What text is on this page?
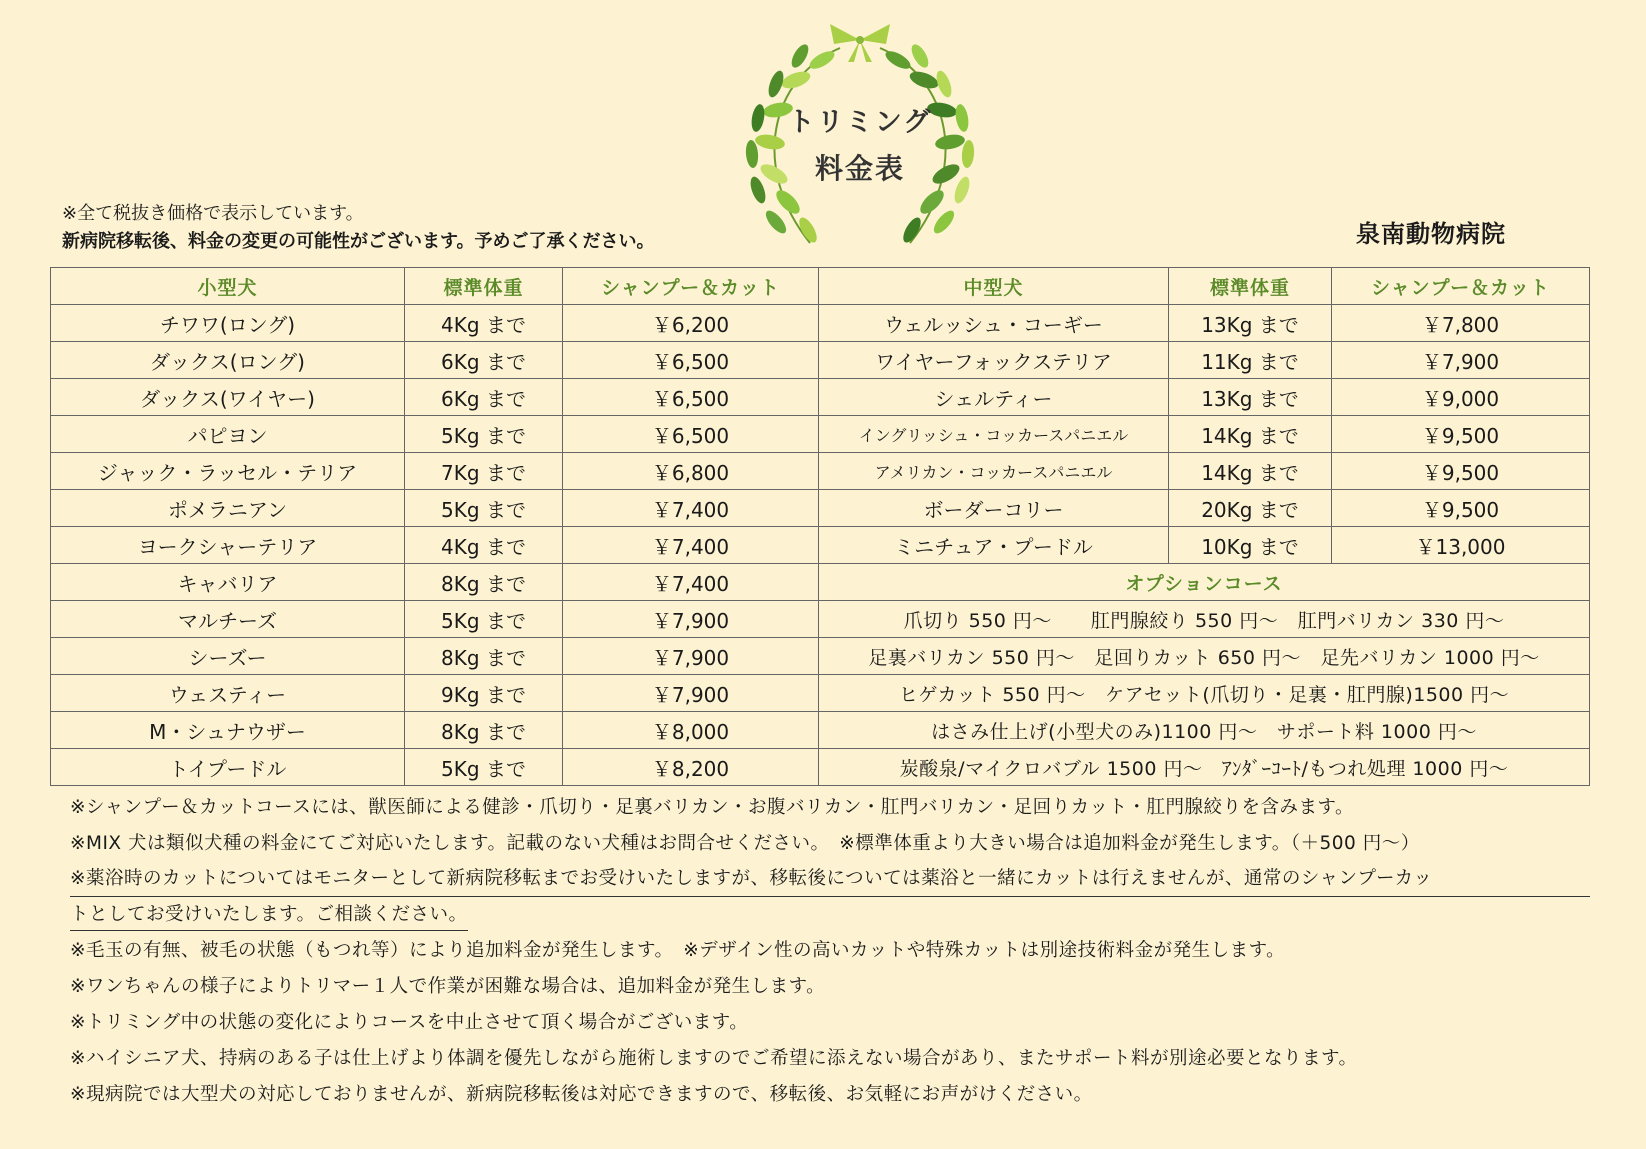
トリミング
料金表
※全て税抜き価格で表示しています。
新病院移転後、料金の変更の可能性がございます。予めご了承ください。	泉南動物病院
小型犬	標準体重	シャンプー＆カット	中型犬	標準体重	シャンプー＆カット
チワワ(ロング)	4Kg まで	￥6,200	ウェルッシュ・コーギー	13Kg まで	￥7,800
ダックス(ロング)	6Kg まで	￥6,500	ワイヤーフォックステリア	11Kg まで	￥7,900
ダックス(ワイヤー)	6Kg まで	￥6,500	シェルティー	13Kg まで	￥9,000
パピヨン	5Kg まで	￥6,500	イングリッシュ・コッカースパニエル	14Kg まで	￥9,500
ジャック・ラッセル・テリア	7Kg まで	￥6,800	アメリカン・コッカースパニエル	14Kg まで	￥9,500
ポメラニアン	5Kg まで	￥7,400	ボーダーコリー	20Kg まで	￥9,500
ヨークシャーテリア	4Kg まで	￥7,400	ミニチュア・プードル	10Kg まで	￥13,000
キャバリア	8Kg まで	￥7,400	オプションコース		
マルチーズ	5Kg まで	￥7,900	爪切り 550 円～　　肛門腺絞り 550 円～　肛門バリカン 330 円～		
シーズー	8Kg まで	￥7,900	足裏バリカン 550 円～　足回りカット 650 円～　足先バリカン 1000 円～		
ウェスティー	9Kg まで	￥7,900	ヒゲカット 550 円～　ケアセット(爪切り・足裏・肛門腺)1500 円～		
M・シュナウザー	8Kg まで	￥8,000	はさみ仕上げ(小型犬のみ)1100 円～　サポート料 1000 円～		
トイプードル	5Kg まで	￥8,200	炭酸泉/マイクロバブル 1500 円～　ｱﾝﾀﾞｰｺｰﾄ/もつれ処理 1000 円～		
※シャンプー＆カットコースには、獣医師による健診・爪切り・足裏バリカン・お腹バリカン・肛門バリカン・足回りカット・肛門腺絞りを含みます。
※MIX 犬は類似犬種の料金にてご対応いたします。記載のない犬種はお問合せください。　※標準体重より大きい場合は追加料金が発生します。（＋500 円～）
※薬浴時のカットについてはモニターとして新病院移転までお受けいたしますが、移転後については薬浴と一緒にカットは行えませんが、通常のシャンプーカッ
トとしてお受けいたします。ご相談ください。
※毛玉の有無、被毛の状態（もつれ等）により追加料金が発生します。　※デザイン性の高いカットや特殊カットは別途技術料金が発生します。
※ワンちゃんの様子によりトリマー１人で作業が困難な場合は、追加料金が発生します。
※トリミング中の状態の変化によりコースを中止させて頂く場合がございます。
※ハイシニア犬、持病のある子は仕上げより体調を優先しながら施術しますのでご希望に添えない場合があり、またサポート料が別途必要となります。
※現病院では大型犬の対応しておりませんが、新病院移転後は対応できますので、移転後、お気軽にお声がけください。
